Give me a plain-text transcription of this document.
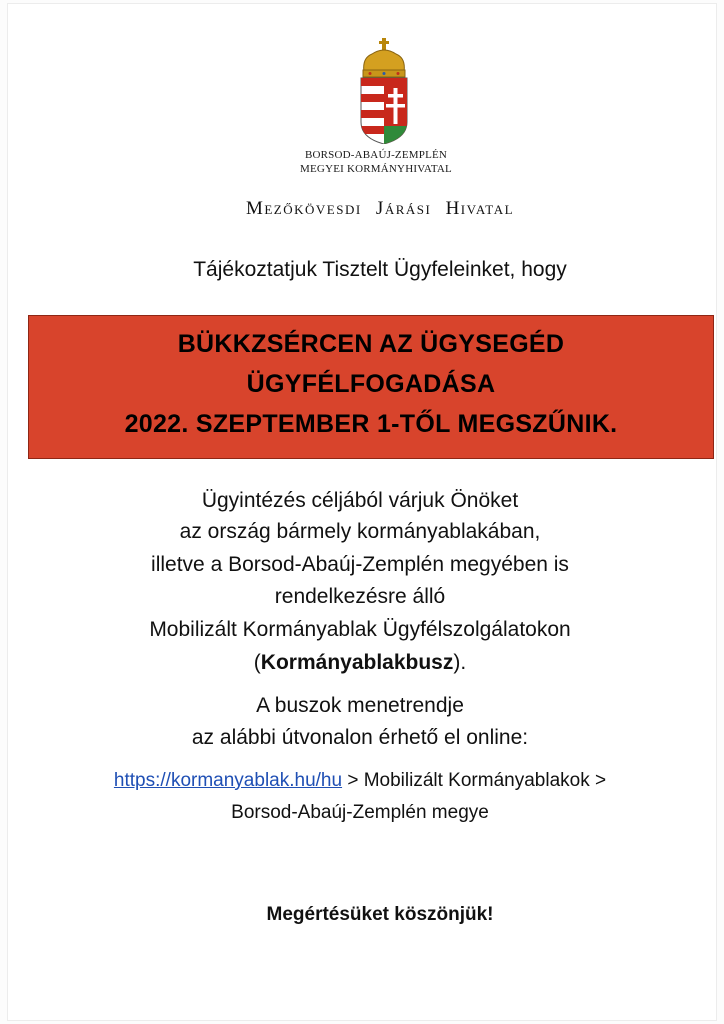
BORSOD-ABAÚJ-ZEMPLÉN
MEGYEI KORMÁNYHIVATAL
Mezőkövesdi Járási Hivatal
Tájékoztatjuk Tisztelt Ügyfeleinket, hogy
BÜKKZSÉRCEN AZ ÜGYSEGÉD
ÜGYFÉLFOGADÁSA
2022. SZEPTEMBER 1-TŐL MEGSZŰNIK.
Ügyintézés céljából várjuk Önöket
az ország bármely kormányablakában,
illetve a Borsod-Abaúj-Zemplén megyében is
rendelkezésre álló
Mobilizált Kormányablak Ügyfélszolgálatokon
(Kormányablakbusz).
A buszok menetrendje
az alábbi útvonalon érhető el online:
https://kormanyablak.hu/hu > Mobilizált Kormányablakok >
Borsod-Abaúj-Zemplén megye
Megértésüket köszönjük!
